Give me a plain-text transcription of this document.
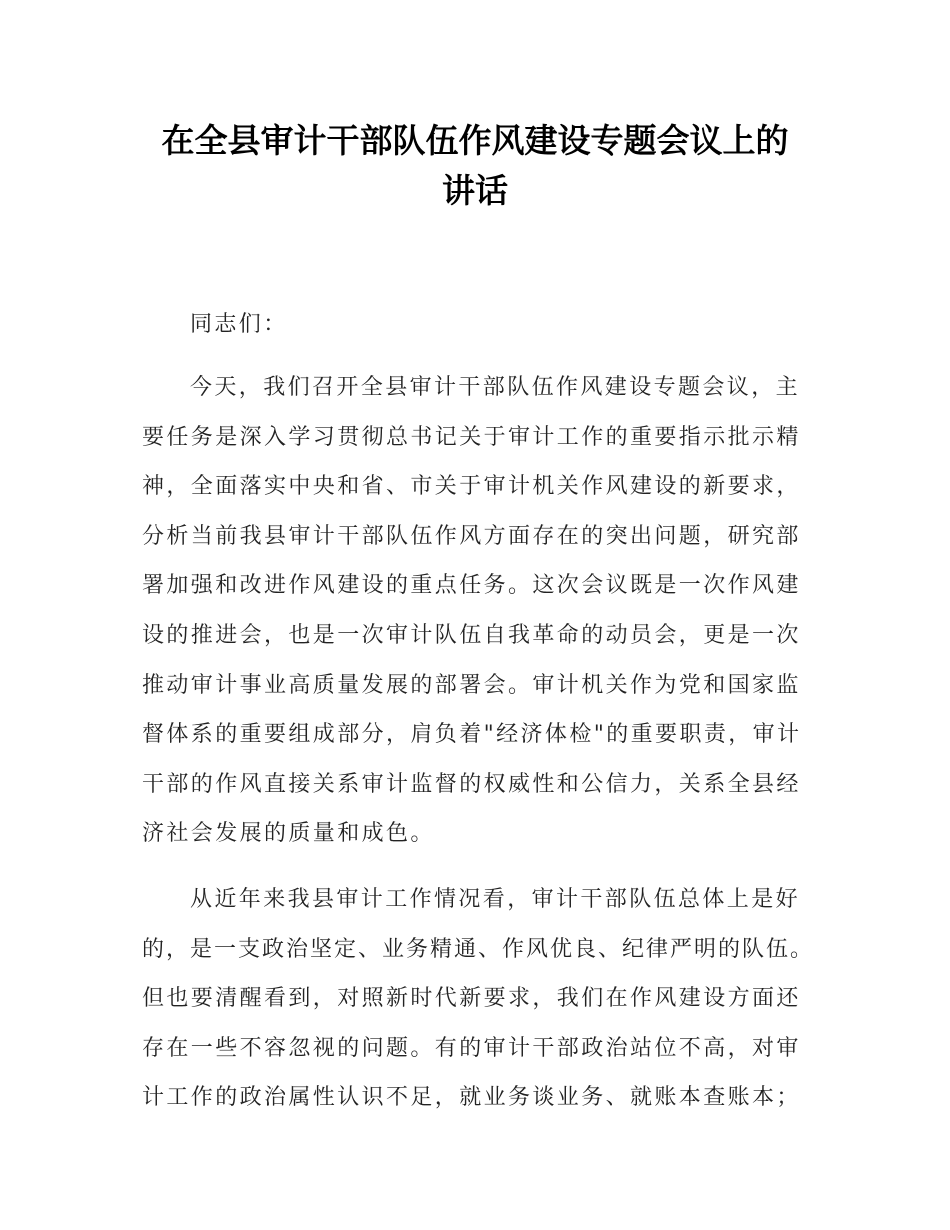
在全县审计干部队伍作风建设专题会议上的
讲话
同志们：
今天，我们召开全县审计干部队伍作风建设专题会议，主
要任务是深入学习贯彻总书记关于审计工作的重要指示批示精
神，全面落实中央和省、市关于审计机关作风建设的新要求，
分析当前我县审计干部队伍作风方面存在的突出问题，研究部
署加强和改进作风建设的重点任务。这次会议既是一次作风建
设的推进会，也是一次审计队伍自我革命的动员会，更是一次
推动审计事业高质量发展的部署会。审计机关作为党和国家监
督体系的重要组成部分，肩负着"经济体检"的重要职责，审计
干部的作风直接关系审计监督的权威性和公信力，关系全县经
济社会发展的质量和成色。
从近年来我县审计工作情况看，审计干部队伍总体上是好
的，是一支政治坚定、业务精通、作风优良、纪律严明的队伍。
但也要清醒看到，对照新时代新要求，我们在作风建设方面还
存在一些不容忽视的问题。有的审计干部政治站位不高，对审
计工作的政治属性认识不足，就业务谈业务、就账本查账本；
